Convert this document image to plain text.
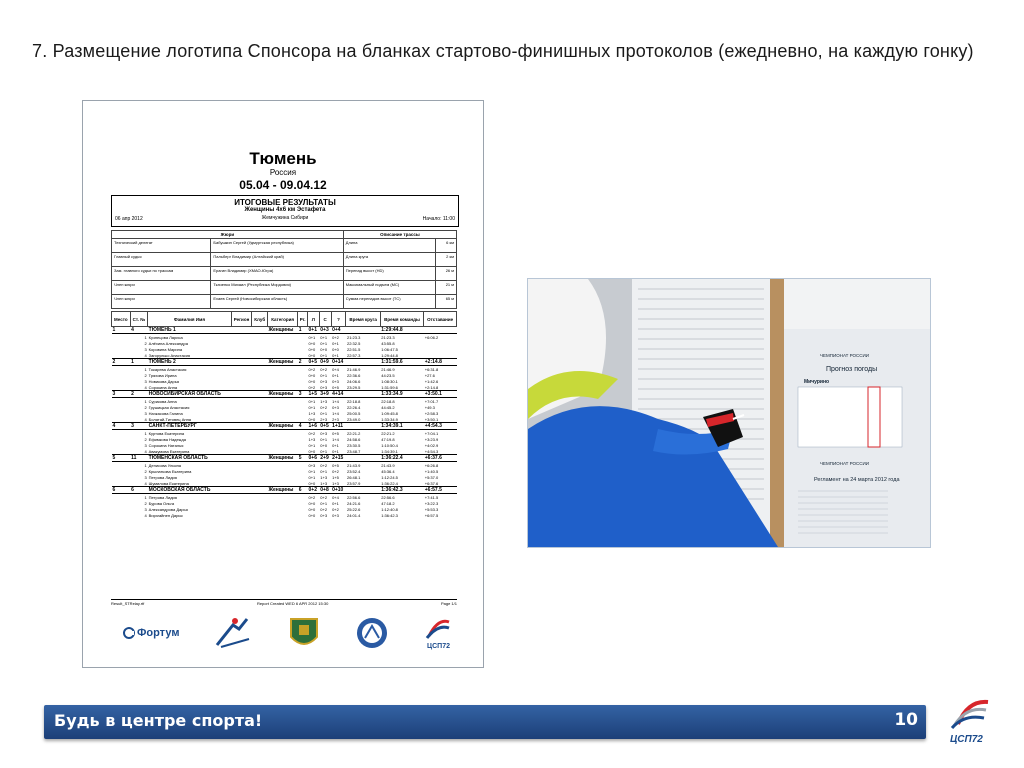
7. Размещение логотипа Спонсора на бланках стартово-финишных протоколов (ежедневно, на каждую гонку)
Тюмень
Россия
05.04 - 09.04.12
ИТОГОВЫЕ РЕЗУЛЬТАТЫ
Женщины 4x6 км Эстафета
Жемчужина Сибири
06 апр 2012	Начало: 11:00
Жюри		Описание трассы	
Технический делегат	Бабушкин Сергей (Удмуртская республика)	Длина	6 км
Главный судья	Пальберг Владимир (Алтайский край)	Длина круга	2 км
Зам. главного судьи по трассам	Ерагин Владимир (ХМАО-Югра)	Перепад высот (HD)	26 м
Член жюри	Ткаченко Михаил (Республика Мордовия)	Максимальный подъем (MC)	21 м
Член жюри	Ехаев Сергей (Новосибирская область)	Сумма перепадов высот (TC)	65 м
Место	Ст. №	Фамилия Имя	Регион	Клуб	Категория	Рг.	Л	С	?	Время круга	Время команды	Отставание
1	4	ТЮМЕНЬ 1			Женщины	1	0+1	0+3	0+4		1:29:44.8	
	1	Кузнецова Лариса					0+1	0+1	0+2	21:23.3	21:23.3	+6:06.2
	2	Алёхина Александра					0+0	0+1	0+1	22:32.5	43:55.8	
	3	Коровина Марина					0+0	0+0	0+0	22:51.5	1:06:47.5	
	4	Загорулько Анастасия					0+0	0+1	0+1	22:57.3	1:29:44.8	
2	1	ТЮМЕНЬ 2			Женщины	2	0+5	0+9	0+14		1:31:59.6	+2:14.8
	1	Токарева Анастасия					0+2	0+2	0+4	21:46.9	21:46.9	+6:31.8
	2	Тряхова Ирина					0+0	0+1	0+1	22:36.6	44:23.5	+27.6
	3	Новикова Дарья					0+0	0+3	0+3	24:06.6	1:08:30.1	+1:42.6
	4	Сорокина Анна					0+2	0+3	0+5	23:29.5	1:31:59.6	+2:14.8
3	2	НОВОСИБИРСКАЯ ОБЛАСТЬ			Женщины	3	1+5	3+9	4+14		1:33:34.9	+3:50.1
	1	Сурикова Анна					0+1	1+3	1+4	22:18.8	22:18.8	+7:01.7
	2	Грушицкая Анастасия					0+1	0+2	0+3	22:26.4	44:45.2	+49.3
	3	Начкасова Галина					1+3	0+1	1+4	25:00.5	1:09:45.8	+2:58.3
	4	Болатай-Титовец Анна					0+0	2+3	2+3	23:49.0	1:33:34.9	+3:50.1
4	3	САНКТ-ПЕТЕРБУРГ			Женщины	4	1+6	0+5	1+11		1:34:39.1	+4:54.3
	1	Куртова Екатерина					0+2	0+3	0+5	22:21.2	22:21.2	+7:04.1
	2	Ефимкова Надежда					1+3	0+1	1+4	24:58.6	47:19.8	+3:23.9
	3	Сорокина Наталья					0+1	0+0	0+1	23:30.5	1:10:50.4	+4:02.9
	4	Авакумова Екатерина					0+0	0+1	0+1	23:48.7	1:34:39.1	+4:54.3
5	11	ТЮМЕНСКАЯ ОБЛАСТЬ			Женщины	5	0+6	2+9	2+15		1:36:22.4	+6:37.6
	1	Денисова Ульяна					0+3	0+2	0+5	21:43.9	21:43.9	+6:26.8
	2	Крылаткова Екатерина					0+1	0+1	0+2	23:52.4	45:36.4	+1:40.5
	3	Петрова Лидия					0+1	1+3	1+5	26:48.1	1:12:24.5	+5:37.0
	4	Шумилова Екатерина					0+0	1+3	1+3	23:57.9	1:36:22.4	+6:37.6
6	6	МОСКОВСКАЯ ОБЛАСТЬ			Женщины	6	0+2	0+8	0+10		1:36:42.3	+6:57.5
	1	Петрова Лидия					0+2	0+2	0+4	22:56.6	22:56.6	+7:41.5
	2	Бурова Ольга					0+0	0+1	0+1	24:21.6	47:18.2	+3:22.3
	3	Александрова Дарья					0+0	0+2	0+2	25:22.6	1:12:40.8	+5:53.3
	4	Вирзгайнен Дарья					0+0	0+3	0+3	24:01.4	1:36:42.3	+6:57.5
Result_STRelay.rtf	Report Created WED 6 APR 2012 15:30	Page 1/1
Фортум
ЦСП72
ЧЕМПИОНАТ РОССИИ
Прогноз погоды
Мичурино
ЧЕМПИОНАТ РОССИИ
Регламент на 24 марта 2012 года
Будь в центре спорта!	10
ЦСП72
